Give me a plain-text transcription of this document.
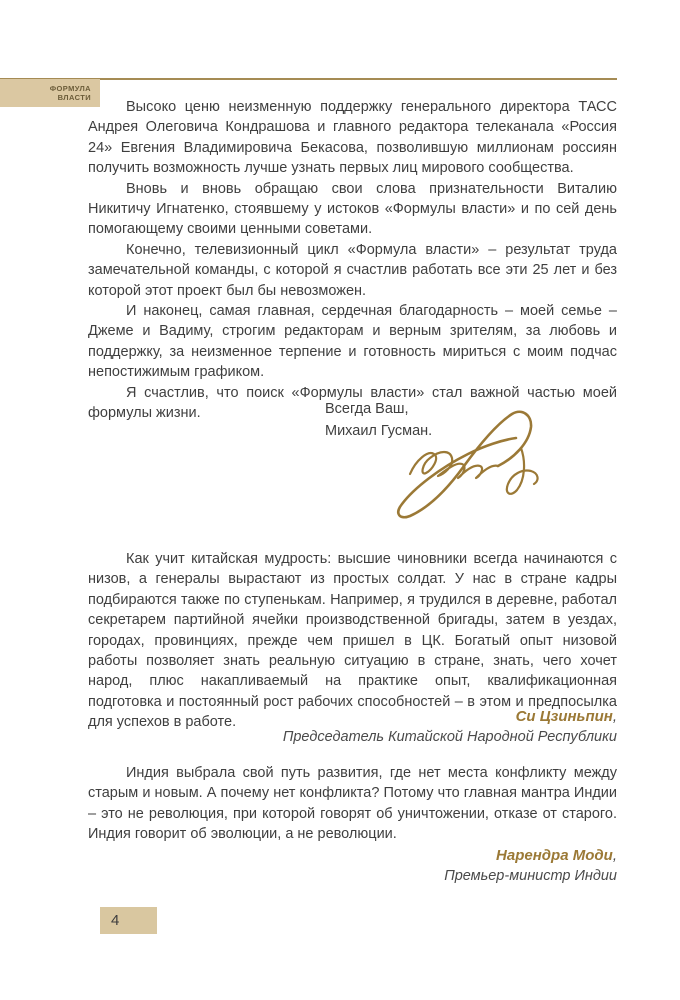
ФОРМУЛА
ВЛАСТИ

Высоко ценю неизменную поддержку генерального директора ТАСС Андрея Олеговича Кондрашова и главного редактора телеканала «Россия 24» Евгения Владимировича Бекасова, позволившую миллионам россиян получить возможность лучше узнать первых лиц мирового сообщества.

Вновь и вновь обращаю свои слова признательности Виталию Никитичу Игнатенко, стоявшему у истоков «Формулы власти» и по сей день помогающему своими ценными советами.

Конечно, телевизионный цикл «Формула власти» – результат труда замечательной команды, с которой я счастлив работать все эти 25 лет и без которой этот проект был бы невозможен.

И наконец, самая главная, сердечная благодарность – моей семье – Джеме и Вадиму, строгим редакторам и верным зрителям, за любовь и поддержку, за неизменное терпение и готовность мириться с моим подчас непостижимым графиком.

Я счастлив, что поиск «Формулы власти» стал важной частью моей формулы жизни.	Всегда Ваш,
Михаил Гусман.

Как учит китайская мудрость: высшие чиновники всегда начинаются с низов, а генералы вырастают из простых солдат. У нас в стране кадры подбираются также по ступенькам. Например, я трудился в деревне, работал секретарем партийной ячейки производственной бригады, затем в уездах, городах, провинциях, прежде чем пришел в ЦК. Богатый опыт низовой работы позволяет знать реальную ситуацию в стране, знать, чего хочет народ, плюс накапливаемый на практике опыт, квалификационная подготовка и постоянный рост рабочих способностей – в этом и предпосылка для успехов в работе.	Си Цзиньпин,
Председатель Китайской Народной Республики

Индия выбрала свой путь развития, где нет места конфликту между старым и новым. А почему нет конфликта? Потому что главная мантра Индии – это не революция, при которой говорят об уничтожении, отказе от старого. Индия говорит об эволюции, а не революции.

Нарендра Моди,
Премьер-министр Индии
4
